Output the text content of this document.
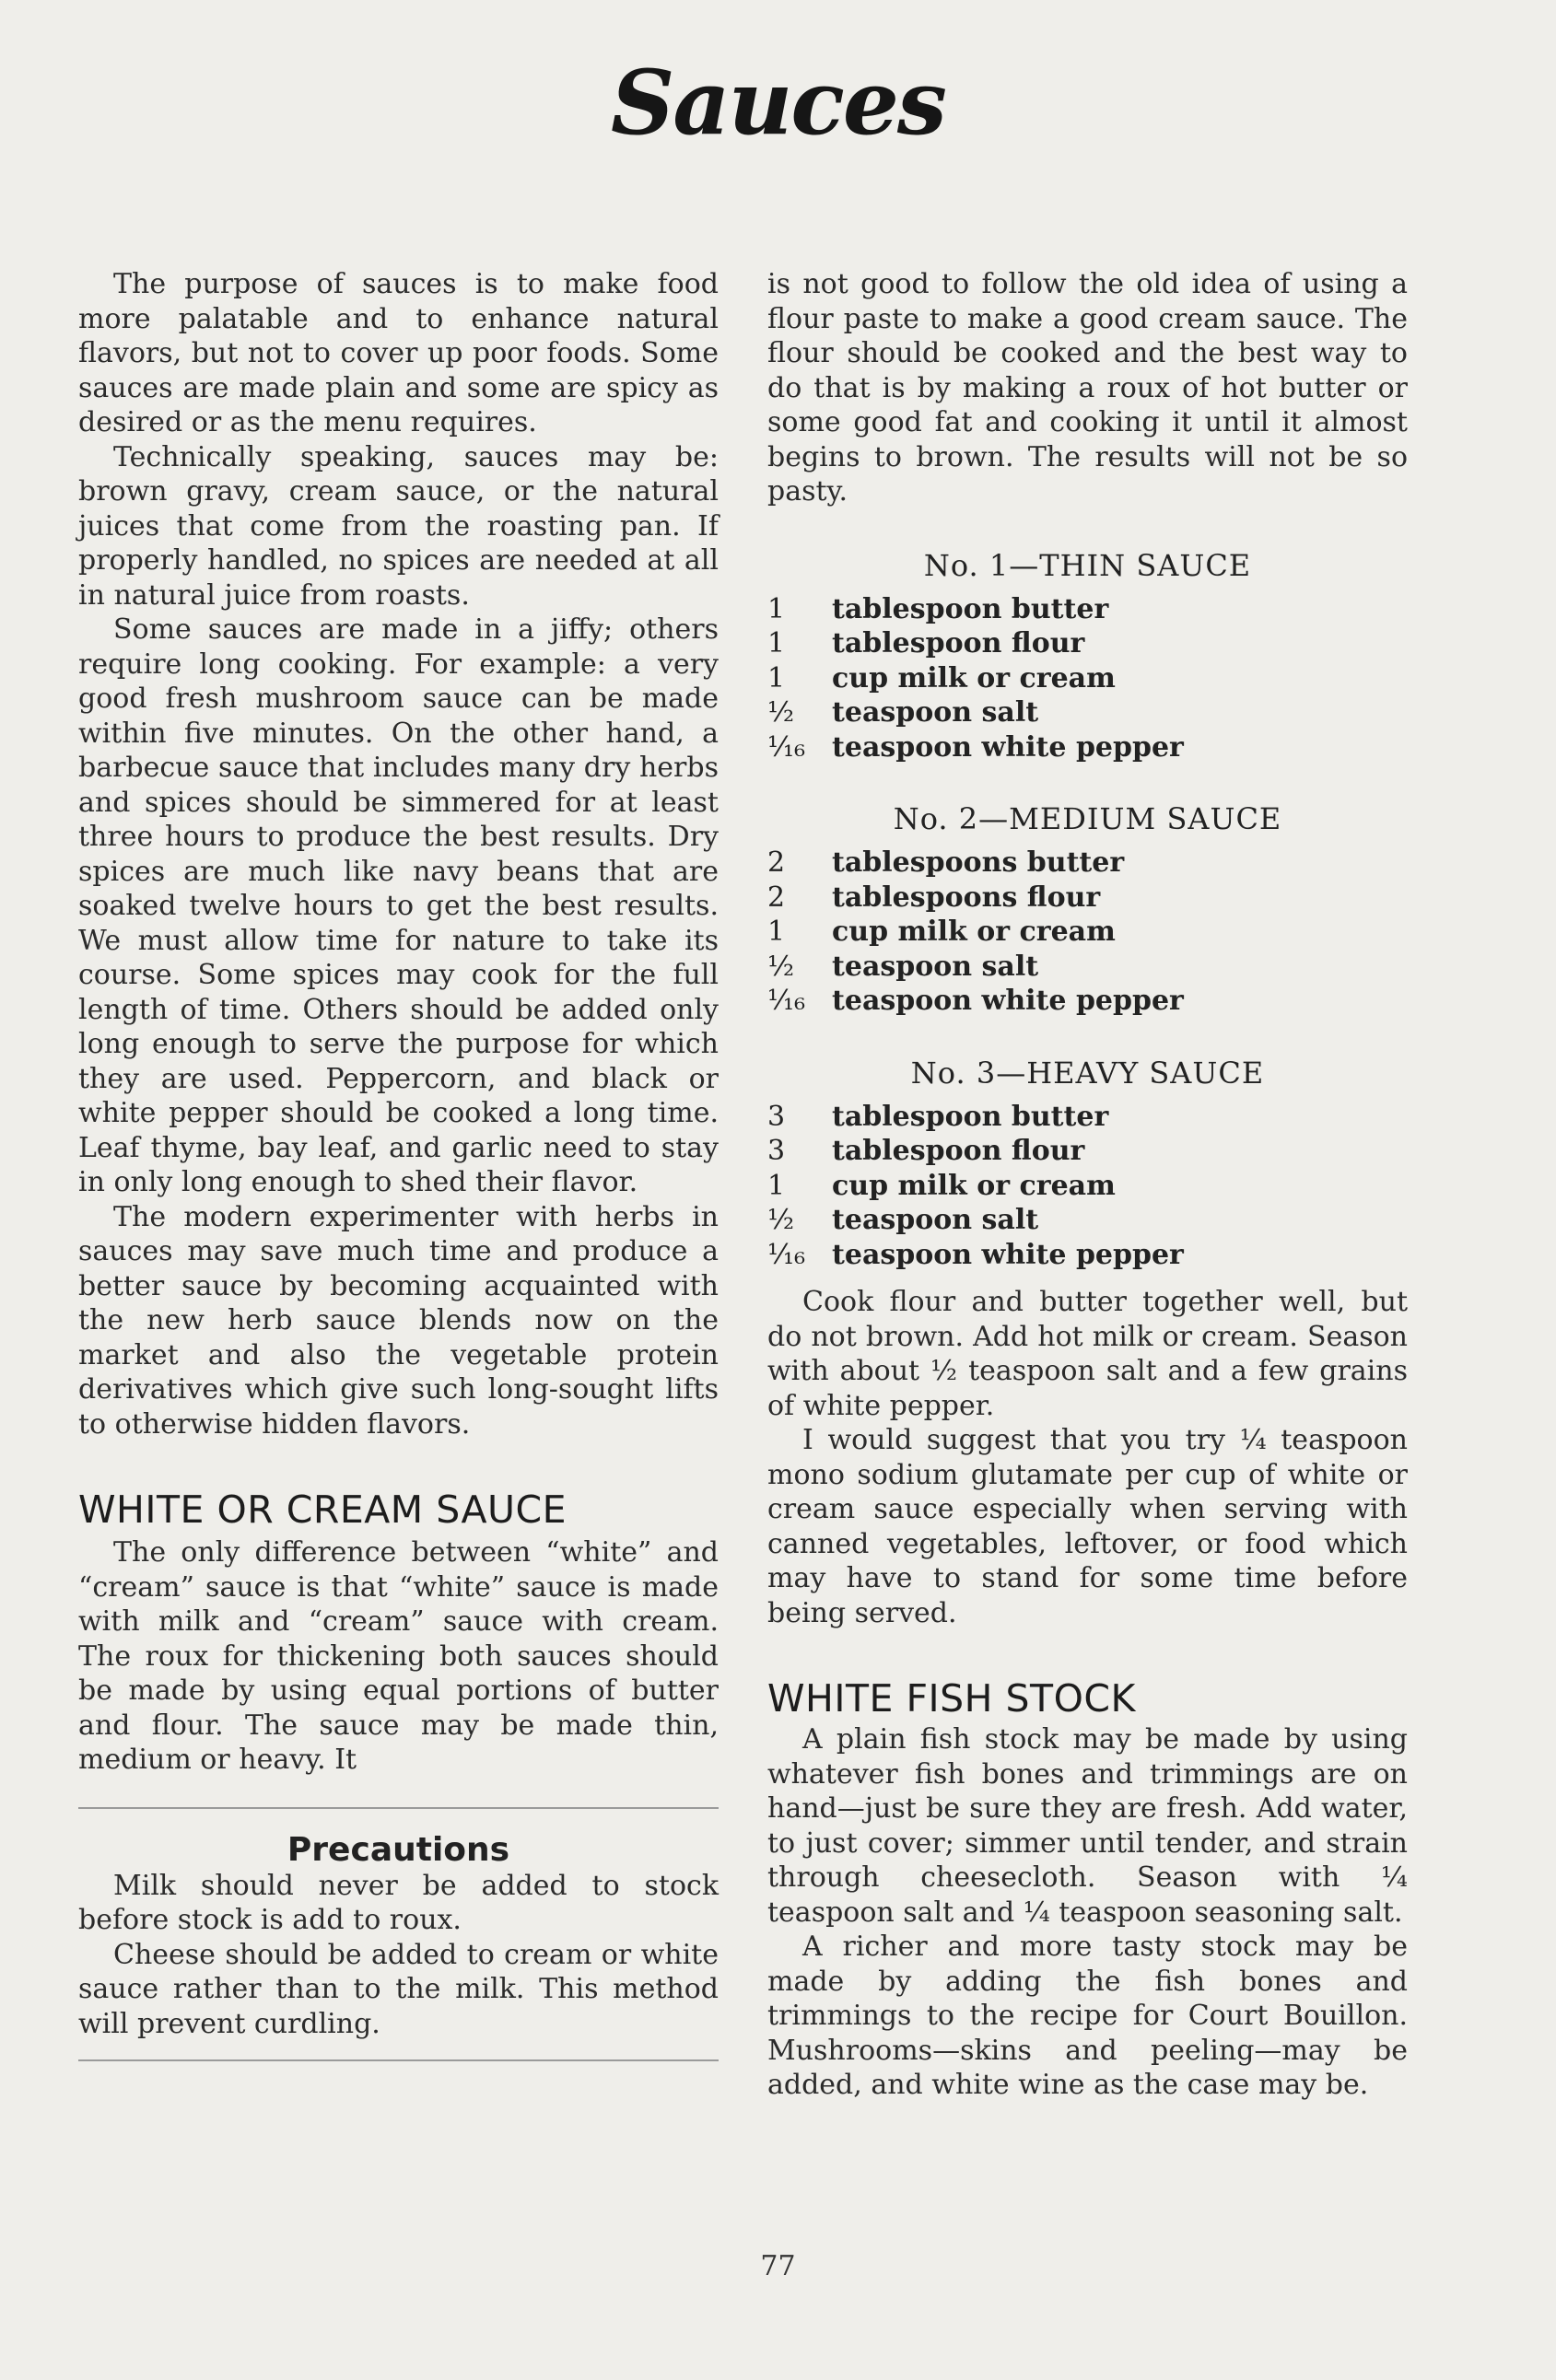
Sauces

The purpose of sauces is to make food more palatable and to enhance natural flavors, but not to cover up poor foods. Some sauces are made plain and some are spicy as desired or as the menu requires.

Technically speaking, sauces may be: brown gravy, cream sauce, or the natural juices that come from the roasting pan. If properly handled, no spices are needed at all in natural juice from roasts.

Some sauces are made in a jiffy; others require long cooking. For example: a very good fresh mushroom sauce can be made within five minutes. On the other hand, a barbecue sauce that includes many dry herbs and spices should be simmered for at least three hours to produce the best results. Dry spices are much like navy beans that are soaked twelve hours to get the best results. We must allow time for nature to take its course. Some spices may cook for the full length of time. Others should be added only long enough to serve the purpose for which they are used. Peppercorn, and black or white pepper should be cooked a long time. Leaf thyme, bay leaf, and garlic need to stay in only long enough to shed their flavor.

The modern experimenter with herbs in sauces may save much time and produce a better sauce by becoming acquainted with the new herb sauce blends now on the market and also the vegetable protein derivatives which give such long-sought lifts to otherwise hidden flavors.

WHITE OR CREAM SAUCE

The only difference between “white” and “cream” sauce is that “white” sauce is made with milk and “cream” sauce with cream. The roux for thickening both sauces should be made by using equal portions of butter and flour. The sauce may be made thin, medium or heavy. It

Precautions

Milk should never be added to stock before stock is add to roux.

Cheese should be added to cream or white sauce rather than to the milk. This method will prevent curdling.

is not good to follow the old idea of using a flour paste to make a good cream sauce. The flour should be cooked and the best way to do that is by making a roux of hot butter or some good fat and cooking it until it almost begins to brown. The results will not be so pasty.

No. 1—THIN SAUCE
1	tablespoon butter
1	tablespoon flour
1	cup milk or cream
½	teaspoon salt
¹⁄₁₆ teaspoon white pepper
No. 2—MEDIUM SAUCE
2	tablespoons butter
2	tablespoons flour
1	cup milk or cream
½	teaspoon salt
¹⁄₁₆ teaspoon white pepper
No. 3—HEAVY SAUCE
3	tablespoon butter
3	tablespoon flour
1	cup milk or cream
½	teaspoon salt
¹⁄₁₆ teaspoon white pepper

Cook flour and butter together well, but do not brown. Add hot milk or cream. Season with about ½ teaspoon salt and a few grains of white pepper.

I would suggest that you try ¼ teaspoon mono sodium glutamate per cup of white or cream sauce especially when serving with canned vegetables, leftover, or food which may have to stand for some time before being served.

WHITE FISH STOCK

A plain fish stock may be made by using whatever fish bones and trimmings are on hand—just be sure they are fresh. Add water, to just cover; simmer until tender, and strain through cheesecloth. Season with ¼ teaspoon salt and ¼ teaspoon seasoning salt.

A richer and more tasty stock may be made by adding the fish bones and trimmings to the recipe for Court Bouillon. Mushrooms—skins and peeling—may be added, and white wine as the case may be.

77
